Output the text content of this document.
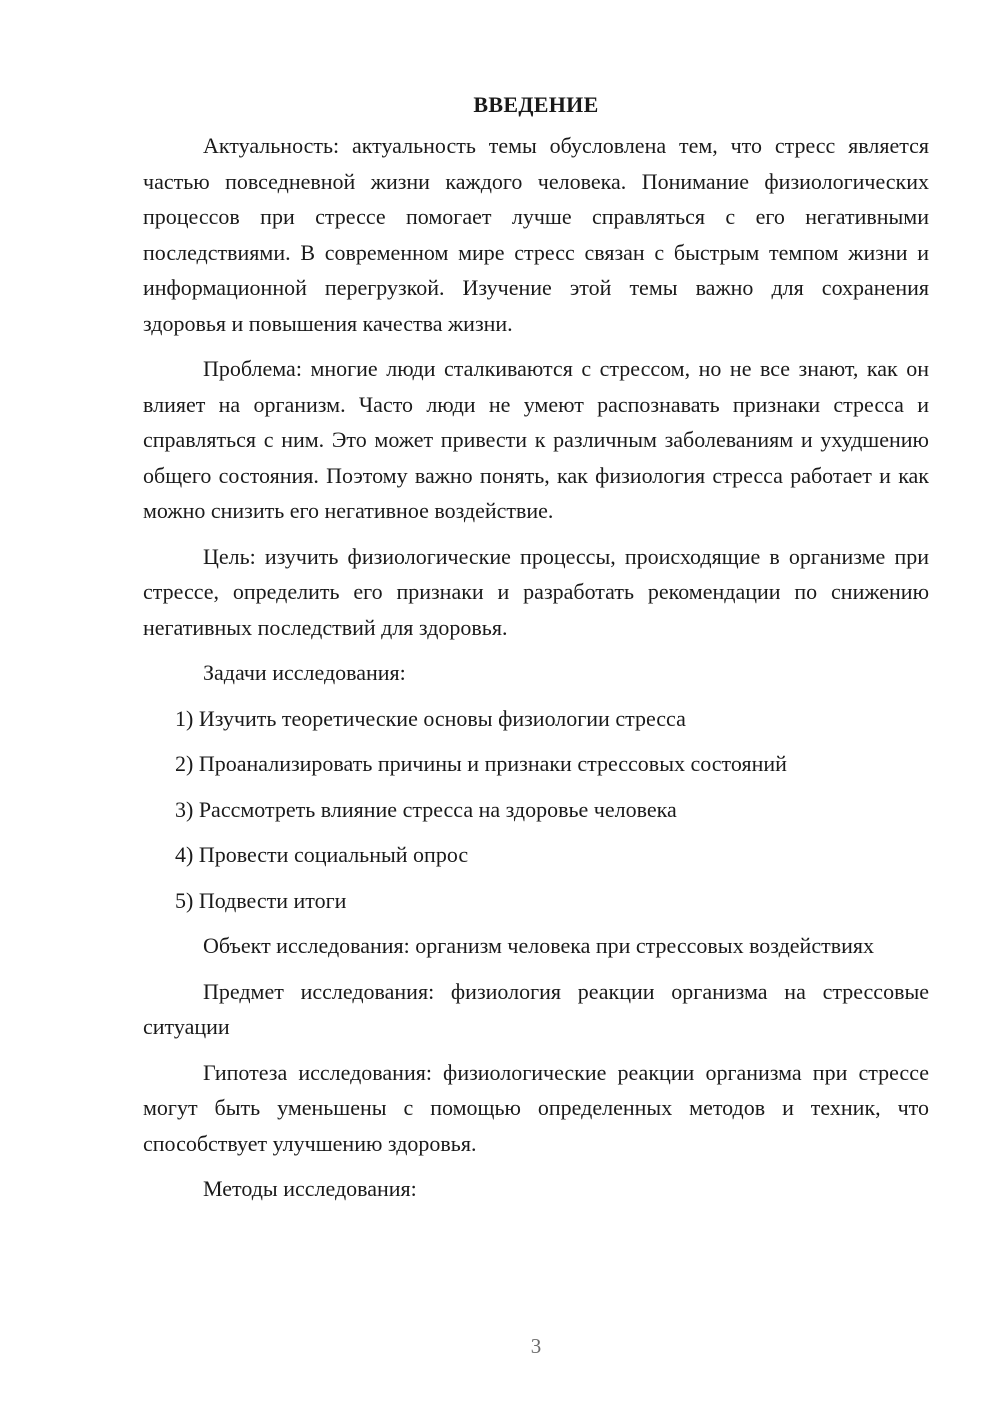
ВВЕДЕНИЕ

Актуальность: актуальность темы обусловлена тем, что стресс является частью повседневной жизни каждого человека. Понимание физиологических процессов при стрессе помогает лучше справляться с его негативными последствиями. В современном мире стресс связан с быстрым темпом жизни и информационной перегрузкой. Изучение этой темы важно для сохранения здоровья и повышения качества жизни.

Проблема: многие люди сталкиваются с стрессом, но не все знают, как он влияет на организм. Часто люди не умеют распознавать признаки стресса и справляться с ним. Это может привести к различным заболеваниям и ухудшению общего состояния. Поэтому важно понять, как физиология стресса работает и как можно снизить его негативное воздействие.

Цель: изучить физиологические процессы, происходящие в организме при стрессе, определить его признаки и разработать рекомендации по снижению негативных последствий для здоровья.

Задачи исследования:

1) Изучить теоретические основы физиологии стресса
2) Проанализировать причины и признаки стрессовых состояний
3) Рассмотреть влияние стресса на здоровье человека
4) Провести социальный опрос
5) Подвести итоги

Объект исследования: организм человека при стрессовых воздействиях

Предмет исследования: физиология реакции организма на стрессовые ситуации

Гипотеза исследования: физиологические реакции организма при стрессе могут быть уменьшены с помощью определенных методов и техник, что способствует улучшению здоровья.

Методы исследования:

3
